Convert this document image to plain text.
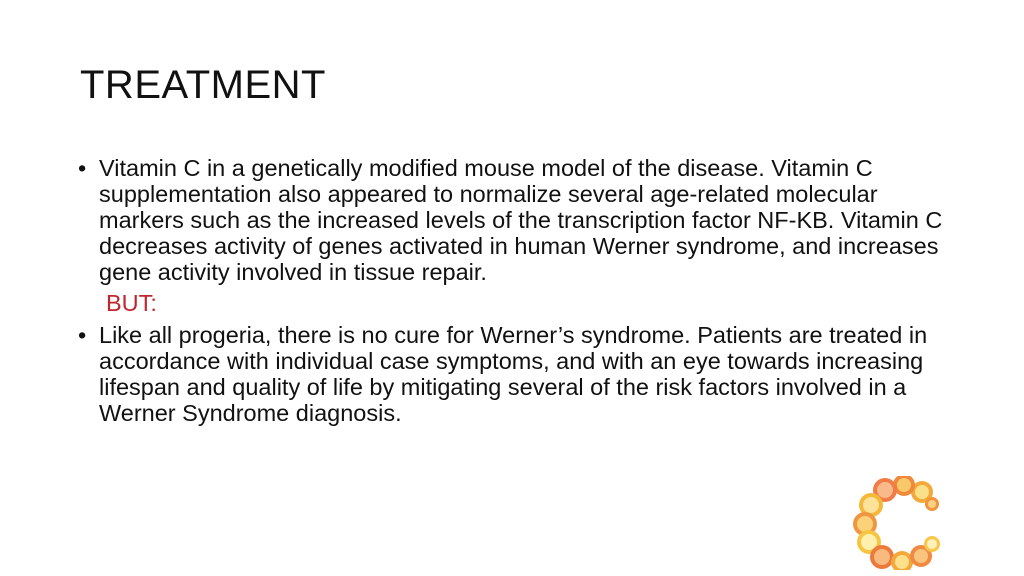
TREATMENT

• Vitamin C in a genetically modified mouse model of the disease. Vitamin C supplementation also appeared to normalize several age-related molecular markers such as the increased levels of the transcription factor NF-KB. Vitamin C decreases activity of genes activated in human Werner syndrome, and increases gene activity involved in tissue repair.

BUT:

• Like all progeria, there is no cure for Werner’s syndrome. Patients are treated in accordance with individual case symptoms, and with an eye towards increasing lifespan and quality of life by mitigating several of the risk factors involved in a Werner Syndrome diagnosis.
